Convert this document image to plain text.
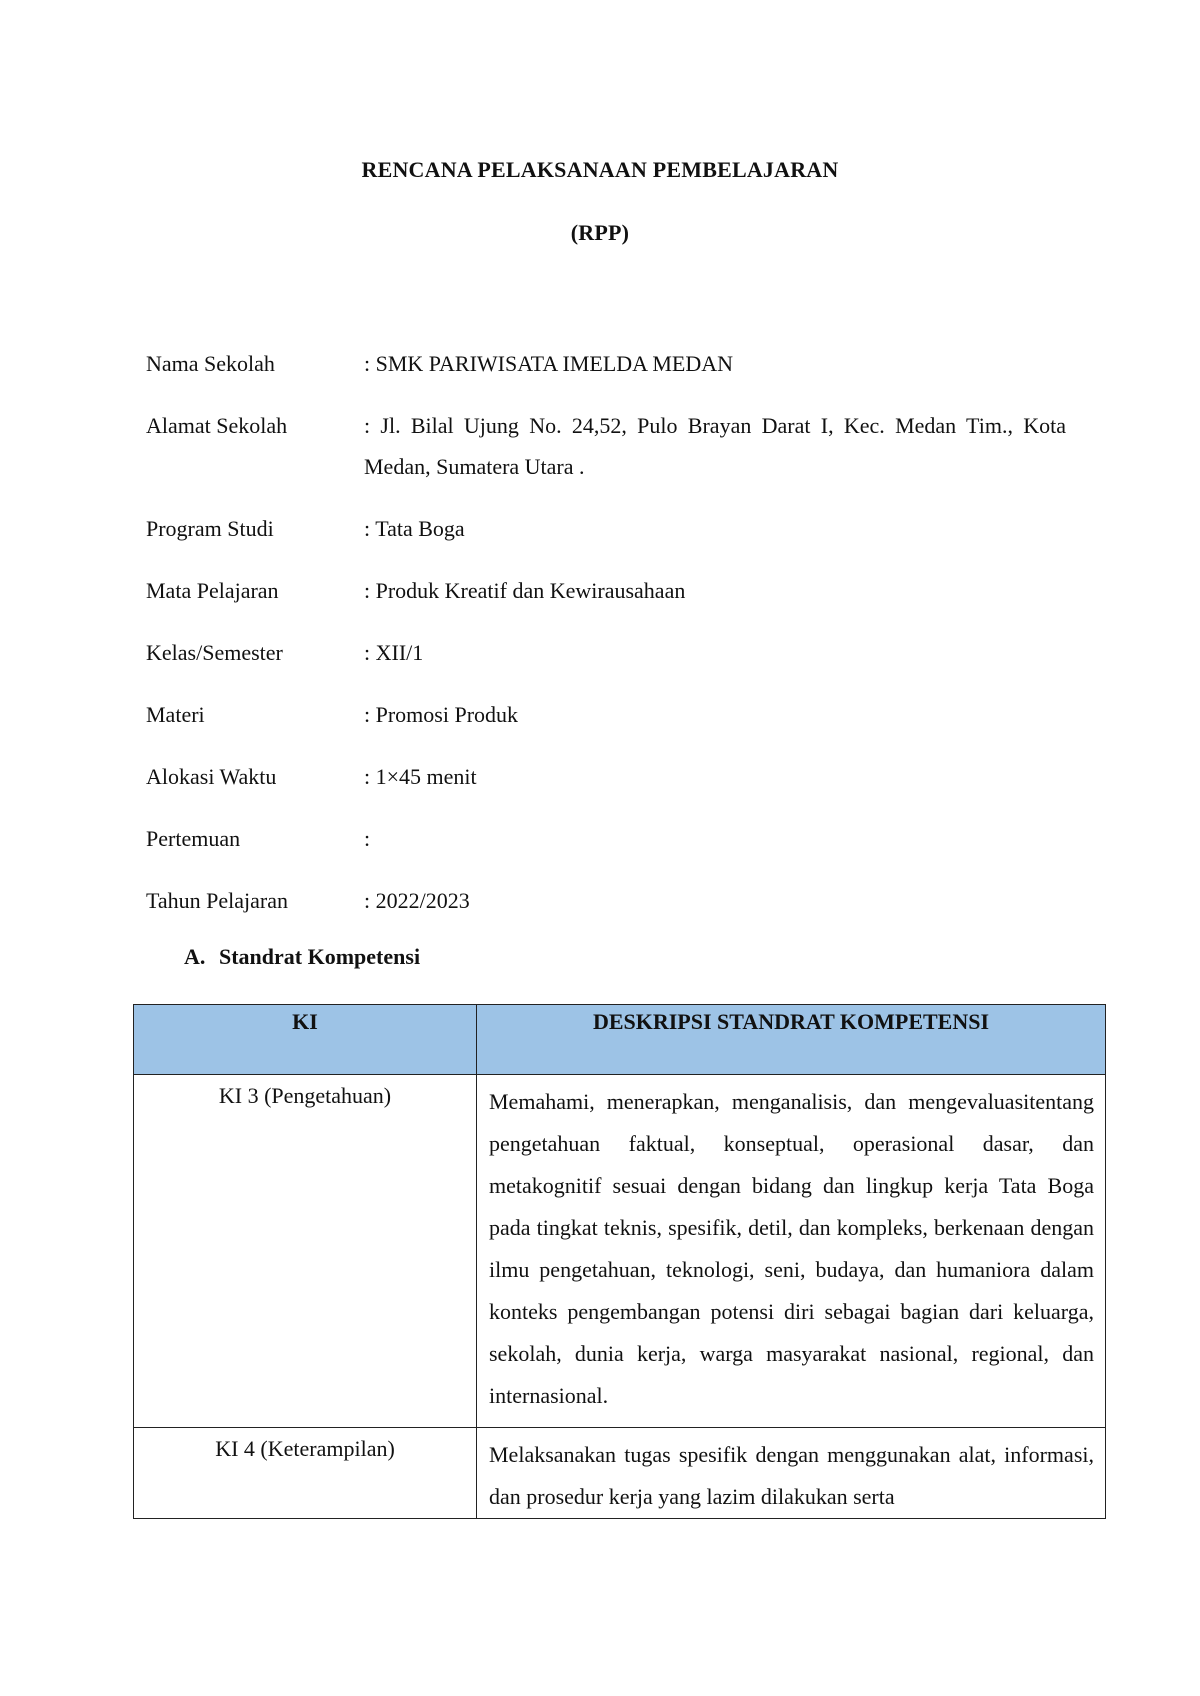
RENCANA PELAKSANAAN PEMBELAJARAN
(RPP)
Nama Sekolah	: SMK PARIWISATA IMELDA MEDAN
Alamat Sekolah	: Jl. Bilal Ujung No. 24,52, Pulo Brayan Darat I, Kec. Medan Tim., Kota Medan, Sumatera Utara .
Program Studi	: Tata Boga
Mata Pelajaran	: Produk Kreatif dan Kewirausahaan
Kelas/Semester	: XII/1
Materi	: Promosi Produk
Alokasi Waktu	: 1×45 menit
Pertemuan	:
Tahun Pelajaran	: 2022/2023
A. Standrat Kompetensi
KI	DESKRIPSI STANDRAT KOMPETENSI
KI 3 (Pengetahuan)	Memahami, menerapkan, menganalisis, dan mengevaluasitentang pengetahuan faktual, konseptual, operasional dasar, dan metakognitif sesuai dengan bidang dan lingkup kerja Tata Boga pada tingkat teknis, spesifik, detil, dan kompleks, berkenaan dengan ilmu pengetahuan, teknologi, seni, budaya, dan humaniora dalam konteks pengembangan potensi diri sebagai bagian dari keluarga, sekolah, dunia kerja, warga masyarakat nasional, regional, dan internasional.
KI 4 (Keterampilan)	Melaksanakan tugas spesifik dengan menggunakan alat, informasi, dan prosedur kerja yang lazim dilakukan serta
